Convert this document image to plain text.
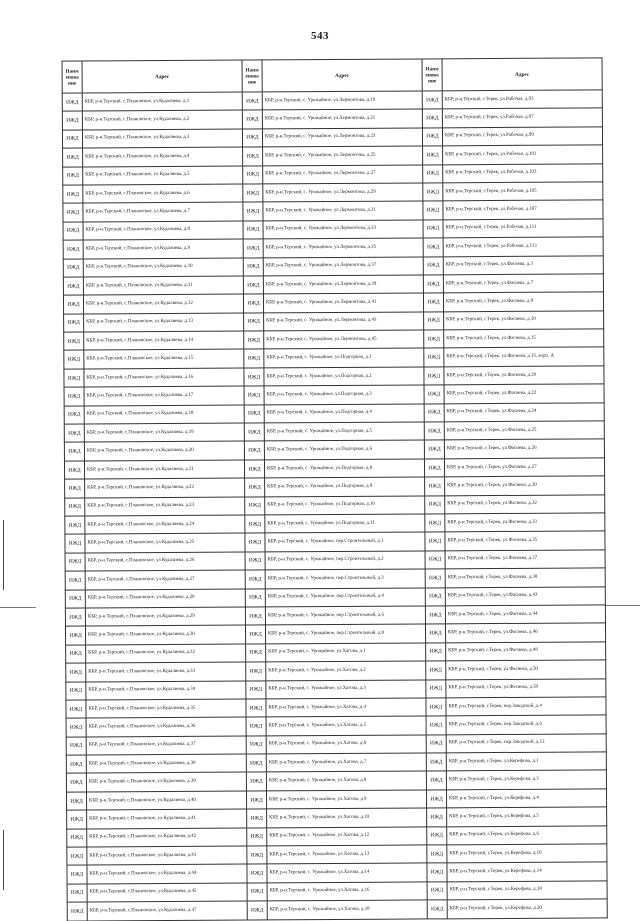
543
Наим енова ние	Адрес	Наим енова ние	Адрес	Наим енова ние	Адрес
ИЖД	КБР, р-н.Терский, с.Плановское, ул.Кудалиева, д.1	ИЖД	КБР, р-н.Терский, с. Урожайное, ул.Лермонтова, д.19	ИЖД	КБР, р-н.Терский, г.Терек, ул.Рабочая, д.93
ИЖД	КБР, р-н.Терский, с.Плановское, ул.Кудалиева, д.2	ИЖД	КБР, р-н.Терский, с. Урожайное, ул.Лермонтова, д.21	ИЖД	КБР, р-н.Терский, г.Терек, ул.Рабочая, д.97
ИЖД	КБР, р-н.Терский, с.Плановское, ул.Кудалиева, д.3	ИЖД	КБР, р-н.Терский, с. Урожайное, ул.Лермонтова, д.23	ИЖД	КБР, р-н.Терский, г.Терек, ул.Рабочая, д.99
ИЖД	КБР, р-н.Терский, с.Плановское, ул.Кудалиева, д.4	ИЖД	КБР, р-н.Терский, с. Урожайное, ул.Лермонтова, д.25	ИЖД	КБР, р-н.Терский, г.Терек, ул.Рабочая, д.101
ИЖД	КБР, р-н.Терский, с.Плановское, ул.Кудалиева, д.5	ИЖД	КБР, р-н.Терский, с. Урожайное, ул.Лермонтова, д.27	ИЖД	КБР, р-н.Терский, г.Терек, ул.Рабочая, д.103
ИЖД	КБР, р-н.Терский, с.Плановское, ул.Кудалиева, д.6	ИЖД	КБР, р-н.Терский, с. Урожайное, ул.Лермонтова, д.29	ИЖД	КБР, р-н.Терский, г.Терек, ул.Рабочая, д.105
ИЖД	КБР, р-н.Терский, с.Плановское, ул.Кудалиева, д.7	ИЖД	КБР, р-н.Терский, с. Урожайное, ул.Лермонтова, д.31	ИЖД	КБР, р-н.Терский, г.Терек, ул.Рабочая, д.107
ИЖД	КБР, р-н.Терский, с.Плановское, ул.Кудалиева, д.8	ИЖД	КБР, р-н.Терский, с. Урожайное, ул.Лермонтова, д.33	ИЖД	КБР, р-н.Терский, г.Терек, ул.Рабочая, д.111
ИЖД	КБР, р-н.Терский, с.Плановское, ул.Кудалиева, д.9	ИЖД	КБР, р-н.Терский, с. Урожайное, ул.Лермонтова, д.35	ИЖД	КБР, р-н.Терский, г.Терек, ул.Рабочая, д.113
ИЖД	КБР, р-н.Терский, с.Плановское, ул.Кудалиева, д.10	ИЖД	КБР, р-н.Терский, с. Урожайное, ул.Лермонтова, д.37	ИЖД	КБР, р-н.Терский, г.Терек, ул.Фасиева, д.3
ИЖД	КБР, р-н.Терский, с.Плановское, ул.Кудалиева, д.11	ИЖД	КБР, р-н.Терский, с. Урожайное, ул.Лермонтова, д.39	ИЖД	КБР, р-н.Терский, г.Терек, ул.Фасиева, д.7
ИЖД	КБР, р-н.Терский, с.Плановское, ул.Кудалиева, д.12	ИЖД	КБР, р-н.Терский, с. Урожайное, ул.Лермонтова, д.41	ИЖД	КБР, р-н.Терский, г.Терек, ул.Фасиева, д.9
ИЖД	КБР, р-н.Терский, с.Плановское, ул.Кудалиева, д.13	ИЖД	КБР, р-н.Терский, с. Урожайное, ул.Лермонтова, д.43	ИЖД	КБР, р-н.Терский, г.Терек, ул.Фасиева, д.10
ИЖД	КБР, р-н.Терский, с.Плановское, ул.Кудалиева, д.14	ИЖД	КБР, р-н.Терский, с. Урожайное, ул.Лермонтова, д.45	ИЖД	КБР, р-н.Терский, г.Терек, ул.Фасиева, д.15
ИЖД	КБР, р-н.Терский, с.Плановское, ул.Кудалиева, д.15	ИЖД	КБР, р-н.Терский, с. Урожайное, ул.Подгорная, д.1	ИЖД	КБР, р-н.Терский, г.Терек, ул.Фасиева, д.15, корп. А
ИЖД	КБР, р-н.Терский, с.Плановское, ул.Кудалиева, д.16	ИЖД	КБР, р-н.Терский, с. Урожайное, ул.Подгорная, д.2	ИЖД	КБР, р-н.Терский, г.Терек, ул.Фасиева, д.20
ИЖД	КБР, р-н.Терский, с.Плановское, ул.Кудалиева, д.17	ИЖД	КБР, р-н.Терский, с. Урожайное, ул.Подгорная, д.3	ИЖД	КБР, р-н.Терский, г.Терек, ул.Фасиева, д.22
ИЖД	КБР, р-н.Терский, с.Плановское, ул.Кудалиева, д.18	ИЖД	КБР, р-н.Терский, с. Урожайное, ул.Подгорная, д.4	ИЖД	КБР, р-н.Терский, г.Терек, ул.Фасиева, д.24
ИЖД	КБР, р-н.Терский, с.Плановское, ул.Кудалиева, д.19	ИЖД	КБР, р-н.Терский, с. Урожайное, ул.Подгорная, д.5	ИЖД	КБР, р-н.Терский, г.Терек, ул.Фасиева, д.25
ИЖД	КБР, р-н.Терский, с.Плановское, ул.Кудалиева, д.20	ИЖД	КБР, р-н.Терский, с. Урожайное, ул.Подгорная, д.6	ИЖД	КБР, р-н.Терский, г.Терек, ул.Фасиева, д.26
ИЖД	КБР, р-н.Терский, с.Плановское, ул.Кудалиева, д.21	ИЖД	КБР, р-н.Терский, с. Урожайное, ул.Подгорная, д.8	ИЖД	КБР, р-н.Терский, г.Терек, ул.Фасиева, д.27
ИЖД	КБР, р-н.Терский, с.Плановское, ул.Кудалиева, д.22	ИЖД	КБР, р-н.Терский, с. Урожайное, ул.Подгорная, д.9	ИЖД	КБР, р-н.Терский, г.Терек, ул.Фасиева, д.30
ИЖД	КБР, р-н.Терский, с.Плановское, ул.Кудалиева, д.23	ИЖД	КБР, р-н.Терский, с. Урожайное, ул.Подгорная, д.10	ИЖД	КБР, р-н.Терский, г.Терек, ул.Фасиева, д.32
ИЖД	КБР, р-н.Терский, с.Плановское, ул.Кудалиева, д.24	ИЖД	КБР, р-н.Терский, с. Урожайное, ул.Подгорная, д.11	ИЖД	КБР, р-н.Терский, г.Терек, ул.Фасиева, д.33
ИЖД	КБР, р-н.Терский, с.Плановское, ул.Кудалиева, д.25	ИЖД	КБР, р-н.Терский, с. Урожайное, пер.Строительный, д.1	ИЖД	КБР, р-н.Терский, г.Терек, ул.Фасиева, д.35
ИЖД	КБР, р-н.Терский, с.Плановское, ул.Кудалиева, д.26	ИЖД	КБР, р-н.Терский, с. Урожайное, пер.Строительный, д.2	ИЖД	КБР, р-н.Терский, г.Терек, ул.Фасиева, д.37
ИЖД	КБР, р-н.Терский, с.Плановское, ул.Кудалиева, д.27	ИЖД	КБР, р-н.Терский, с. Урожайное, пер.Строительный, д.3	ИЖД	КБР, р-н.Терский, г.Терек, ул.Фасиева, д.38
ИЖД	КБР, р-н.Терский, с.Плановское, ул.Кудалиева, д.28	ИЖД	КБР, р-н.Терский, с. Урожайное, пер.Строительный, д.4	ИЖД	КБР, р-н.Терский, г.Терек, ул.Фасиева, д.43
ИЖД	КБР, р-н.Терский, с.Плановское, ул.Кудалиева, д.29	ИЖД	КБР, р-н.Терский, с. Урожайное, пер.Строительный, д.6	ИЖД	КБР, р-н.Терский, г.Терек, ул.Фасиева, д.44
ИЖД	КБР, р-н.Терский, с.Плановское, ул.Кудалиева, д.30	ИЖД	КБР, р-н.Терский, с. Урожайное, пер.Строительный, д.8	ИЖД	КБР, р-н.Терский, г.Терек, ул.Фасиева, д.46
ИЖД	КБР, р-н.Терский, с.Плановское, ул.Кудалиева, д.32	ИЖД	КБР, р-н.Терский, с. Урожайное, ул.Хагова, д.1	ИЖД	КБР, р-н.Терский, г.Терек, ул.Фасиева, д.48
ИЖД	КБР, р-н.Терский, с.Плановское, ул.Кудалиева, д.33	ИЖД	КБР, р-н.Терский, с. Урожайное, ул.Хагова, д.2	ИЖД	КБР, р-н.Терский, г.Терек, ул.Фасиева, д.50
ИЖД	КБР, р-н.Терский, с.Плановское, ул.Кудалиева, д.34	ИЖД	КБР, р-н.Терский, с. Урожайное, ул.Хагова, д.3	ИЖД	КБР, р-н.Терский, г.Терек, ул.Фасиева, д.58
ИЖД	КБР, р-н.Терский, с.Плановское, ул.Кудалиева, д.35	ИЖД	КБР, р-н.Терский, с. Урожайное, ул.Хагова, д.4	ИЖД	КБР, р-н.Терский, г.Терек, пер.Заводской, д.4
ИЖД	КБР, р-н.Терский, с.Плановское, ул.Кудалиева, д.36	ИЖД	КБР, р-н.Терский, с. Урожайное, ул.Хагова, д.5	ИЖД	КБР, р-н.Терский, г.Терек, пер.Заводской, д.6
ИЖД	КБР, р-н.Терский, с.Плановское, ул.Кудалиева, д.37	ИЖД	КБР, р-н.Терский, с. Урожайное, ул.Хагова, д.6	ИЖД	КБР, р-н.Терский, г.Терек, пер.Заводской, д.12
ИЖД	КБР, р-н.Терский, с.Плановское, ул.Кудалиева, д.38	ИЖД	КБР, р-н.Терский, с. Урожайное, ул.Хагова, д.7	ИЖД	КБР, р-н.Терский, г.Терек, ул.Керефова, д.1
ИЖД	КБР, р-н.Терский, с.Плановское, ул.Кудалиева, д.39	ИЖД	КБР, р-н.Терский, с. Урожайное, ул.Хагова, д.8	ИЖД	КБР, р-н.Терский, г.Терек, ул.Керефова, д.3
ИЖД	КБР, р-н.Терский, с.Плановское, ул.Кудалиева, д.40	ИЖД	КБР, р-н.Терский, с. Урожайное, ул.Хагова, д.9	ИЖД	КБР, р-н.Терский, г.Терек, ул.Керефова, д.4
ИЖД	КБР, р-н.Терский, с.Плановское, ул.Кудалиева, д.41	ИЖД	КБР, р-н.Терский, с. Урожайное, ул.Хагова, д.10	ИЖД	КБР, р-н.Терский, г.Терек, ул.Керефова, д.5
ИЖД	КБР, р-н.Терский, с.Плановское, ул.Кудалиева, д.42	ИЖД	КБР, р-н.Терский, с. Урожайное, ул.Хагова, д.12	ИЖД	КБР, р-н.Терский, г.Терек, ул.Керефова, д.6
ИЖД	КБР, р-н.Терский, с.Плановское, ул.Кудалиева, д.43	ИЖД	КБР, р-н.Терский, с. Урожайное, ул.Хагова, д.13	ИЖД	КБР, р-н.Терский, г.Терек, ул.Керефова, д.10
ИЖД	КБР, р-н.Терский, с.Плановское, ул.Кудалиева, д.44	ИЖД	КБР, р-н.Терский, с. Урожайное, ул.Хагова, д.14	ИЖД	КБР, р-н.Терский, г.Терек, ул.Керефова, д.14
ИЖД	КБР, р-н.Терский, с.Плановское, ул.Кудалиева, д.45	ИЖД	КБР, р-н.Терский, с. Урожайное, ул.Хагова, д.16	ИЖД	КБР, р-н.Терский, г.Терек, ул.Керефова, д.18
ИЖД	КБР, р-н.Терский, с.Плановское, ул.Кудалиева, д.47	ИЖД	КБР, р-н.Терский, с. Урожайное, ул.Хагова, д.18	ИЖД	КБР, р-н.Терский, г.Терек, ул.Керефова, д.20
